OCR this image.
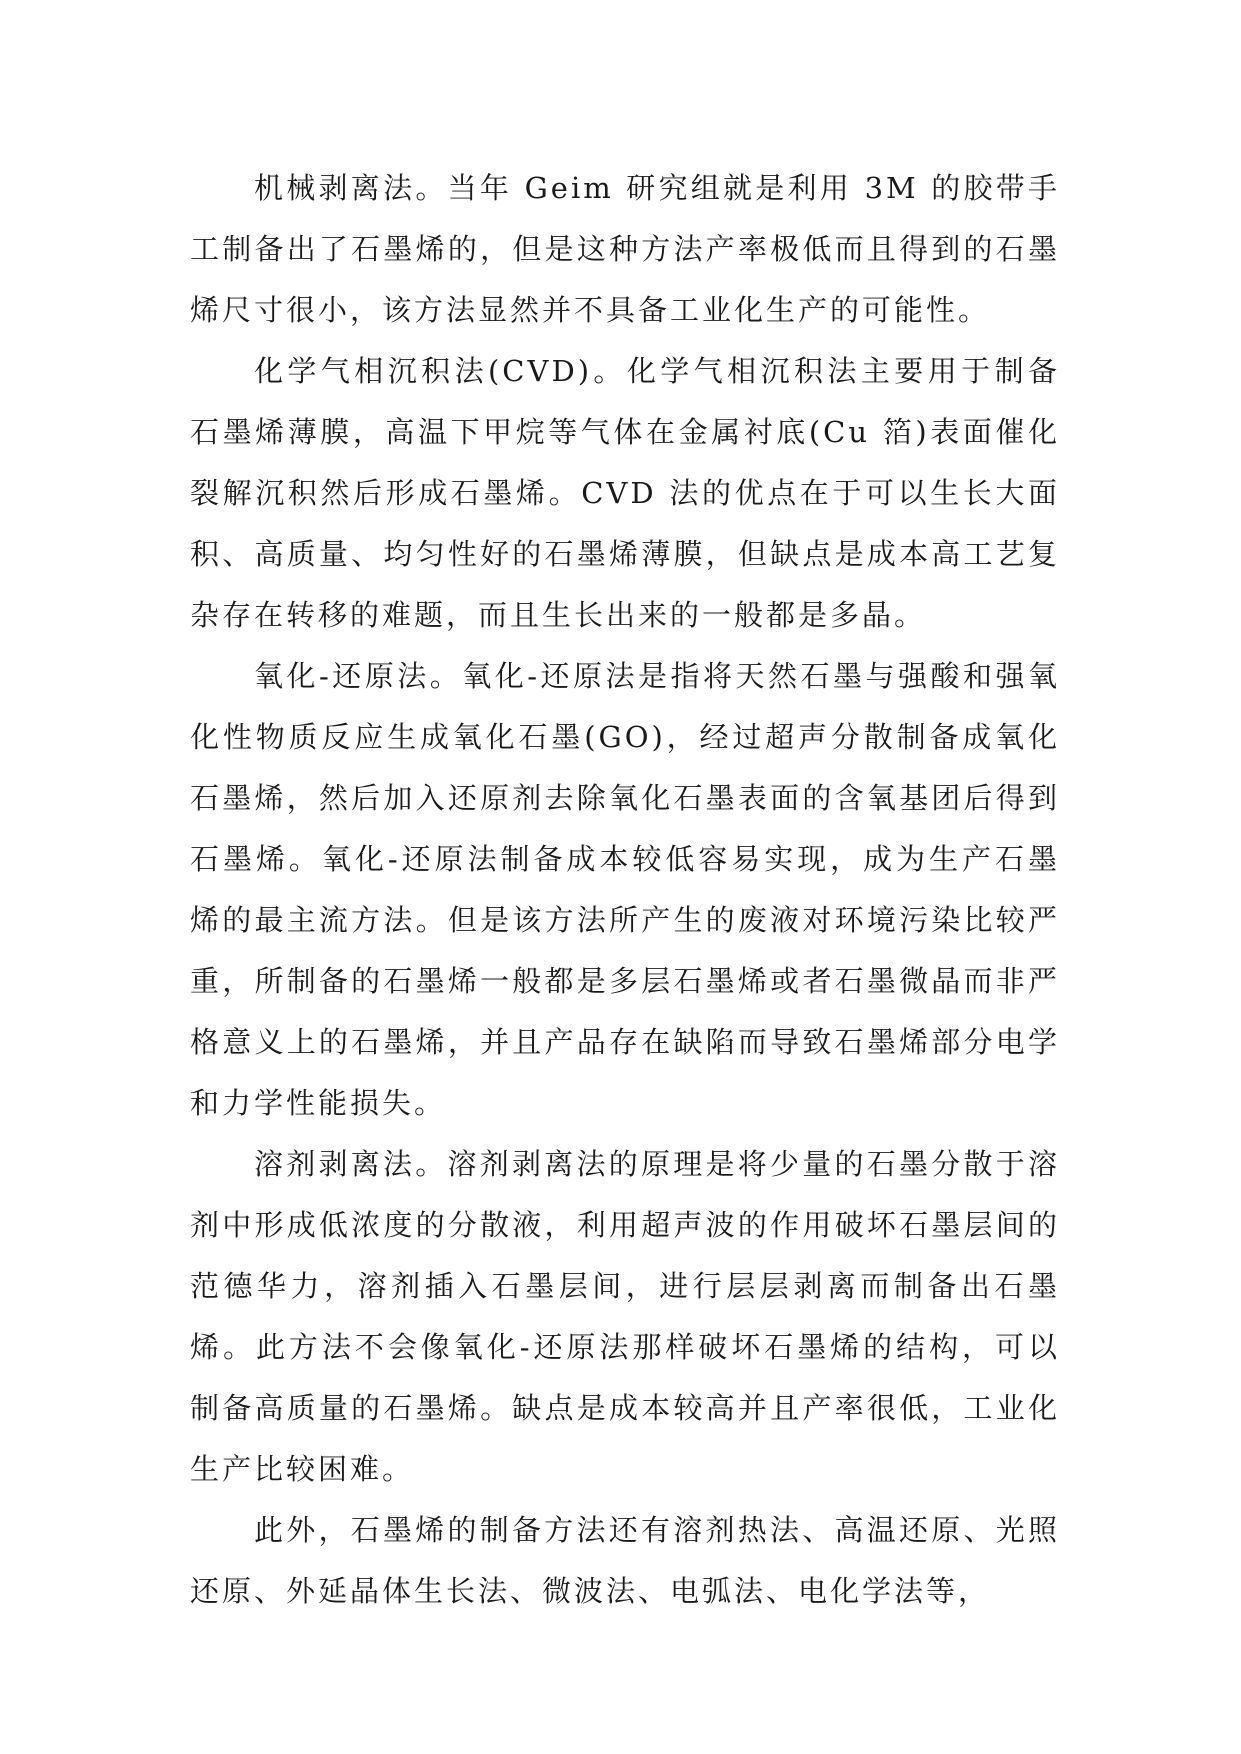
机械剥离法。当年 Geim 研究组就是利用 3M 的胶带手工制备出了石墨烯的，但是这种方法产率极低而且得到的石墨烯尺寸很小，该方法显然并不具备工业化生产的可能性。

化学气相沉积法(CVD)。化学气相沉积法主要用于制备石墨烯薄膜，高温下甲烷等气体在金属衬底(Cu 箔)表面催化裂解沉积然后形成石墨烯。CVD 法的优点在于可以生长大面积、高质量、均匀性好的石墨烯薄膜，但缺点是成本高工艺复杂存在转移的难题，而且生长出来的一般都是多晶。

氧化-还原法。氧化-还原法是指将天然石墨与强酸和强氧化性物质反应生成氧化石墨(GO)，经过超声分散制备成氧化石墨烯，然后加入还原剂去除氧化石墨表面的含氧基团后得到石墨烯。氧化-还原法制备成本较低容易实现，成为生产石墨烯的最主流方法。但是该方法所产生的废液对环境污染比较严重，所制备的石墨烯一般都是多层石墨烯或者石墨微晶而非严格意义上的石墨烯，并且产品存在缺陷而导致石墨烯部分电学和力学性能损失。

溶剂剥离法。溶剂剥离法的原理是将少量的石墨分散于溶剂中形成低浓度的分散液，利用超声波的作用破坏石墨层间的范德华力，溶剂插入石墨层间，进行层层剥离而制备出石墨烯。此方法不会像氧化-还原法那样破坏石墨烯的结构，可以制备高质量的石墨烯。缺点是成本较高并且产率很低，工业化生产比较困难。

此外，石墨烯的制备方法还有溶剂热法、高温还原、光照还原、外延晶体生长法、微波法、电弧法、电化学法等，
